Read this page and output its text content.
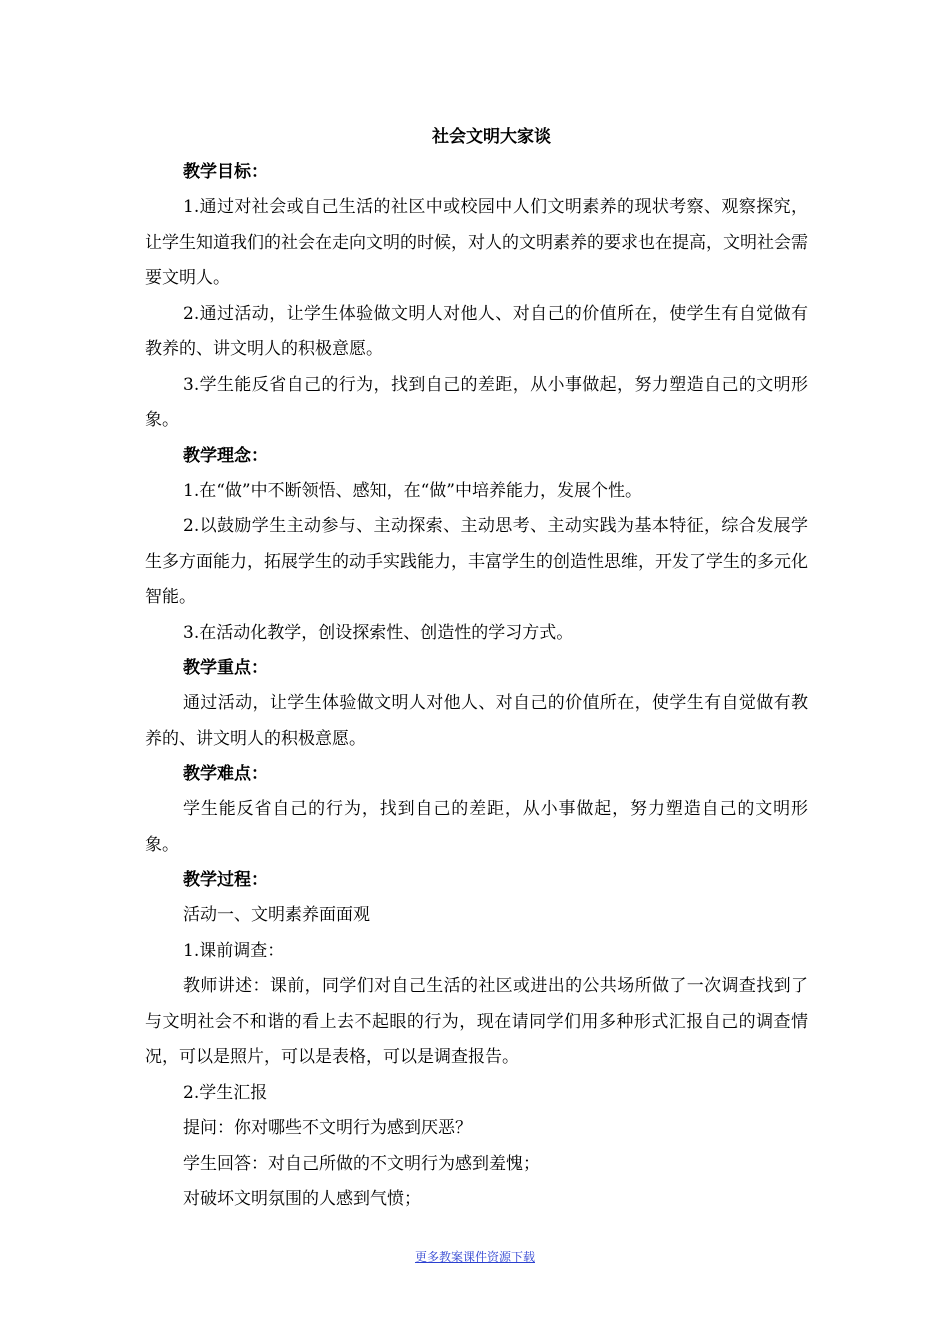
社会文明大家谈

教学目标：

1.通过对社会或自己生活的社区中或校园中人们文明素养的现状考察、观察探究，让学生知道我们的社会在走向文明的时候，对人的文明素养的要求也在提高，文明社会需要文明人。

2.通过活动，让学生体验做文明人对他人、对自己的价值所在，使学生有自觉做有教养的、讲文明人的积极意愿。

3.学生能反省自己的行为，找到自己的差距，从小事做起，努力塑造自己的文明形象。

教学理念：

1.在“做”中不断领悟、感知，在“做”中培养能力，发展个性。

2.以鼓励学生主动参与、主动探索、主动思考、主动实践为基本特征，综合发展学生多方面能力，拓展学生的动手实践能力，丰富学生的创造性思维，开发了学生的多元化智能。

3.在活动化教学，创设探索性、创造性的学习方式。

教学重点：

通过活动，让学生体验做文明人对他人、对自己的价值所在，使学生有自觉做有教养的、讲文明人的积极意愿。

教学难点：

学生能反省自己的行为，找到自己的差距，从小事做起，努力塑造自己的文明形象。

教学过程：

活动一、文明素养面面观

1.课前调查：

教师讲述：课前，同学们对自己生活的社区或进出的公共场所做了一次调查找到了与文明社会不和谐的看上去不起眼的行为，现在请同学们用多种形式汇报自己的调查情况，可以是照片，可以是表格，可以是调查报告。

2.学生汇报

提问：你对哪些不文明行为感到厌恶？

学生回答：对自己所做的不文明行为感到羞愧；

对破坏文明氛围的人感到气愤；

更多教案课件资源下载
